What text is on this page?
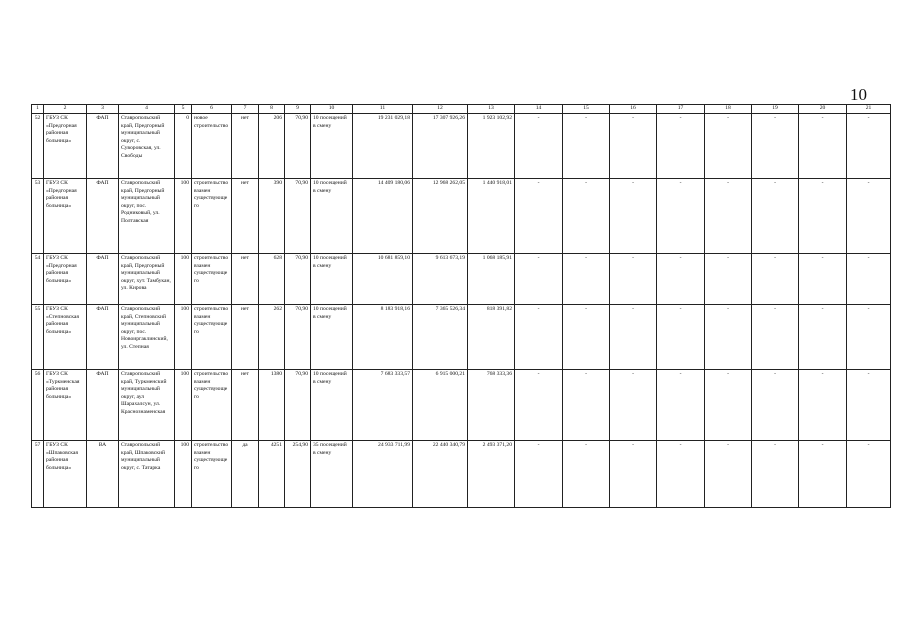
10
1	2	3	4	5	6	7	8	9	10	11	12	13	14	15	16	17	18	19	20	21
52	ГБУЗ СК «Предгорная районная больница»	ФАП	Ставропольский край, Предгорный муниципальный округ, с. Суворовская, ул. Свободы	0	новое строительство	нет	206	70,90	10 посещений в смену	19 231 029,18	17 307 926,26	1 923 102,92	-	-	-	-	-	-	-	-
53	ГБУЗ СК «Предгорная районная больница»	ФАП	Ставропольский край, Предгорный муниципальный округ, пос. Родниковый, ул. Полтавская	100	строительство взамен существующего	нет	390	70,90	10 посещений в смену	14 409 180,06	12 968 262,05	1 440 918,01	-	-	-	-	-	-	-	-
54	ГБУЗ СК «Предгорная районная больница»	ФАП	Ставропольский край, Предгорный муниципальный округ, хут. Тамбукан, ул. Кирова	100	строительство взамен существующего	нет	628	70,90	10 посещений в смену	10 681 859,10	9 613 673,19	1 068 185,91	-	-	-	-	-	-	-	-
55	ГБУЗ СК «Степновская районная больница»	ФАП	Ставропольский край, Степновский муниципальный округ, пос. Новоиргаклинский, ул. Степная	100	строительство взамен существующего	нет	262	70,90	10 посещений в смену	8 183 918,16	7 365 526,34	818 391,82	-	-	-	-	-	-	-	-
56	ГБУЗ СК «Туркменская районная больница»	ФАП	Ставропольский край, Туркменский муниципальный округ, аул Шарахалсун, ул. Краснознаменская	100	строительство взамен существующего	нет	1380	70,90	10 посещений в смену	7 683 333,57	6 915 000,21	768 333,36	-	-	-	-	-	-	-	-
57	ГБУЗ СК «Шпаковская районная больница»	ВА	Ставропольский край, Шпаковский муниципальный округ, с. Татарка	100	строительство взамен существующего	да	4251	254,90	35 посещений в смену	24 933 711,99	22 440 340,79	2 493 371,20	-	-	-	-	-	-	-	-
